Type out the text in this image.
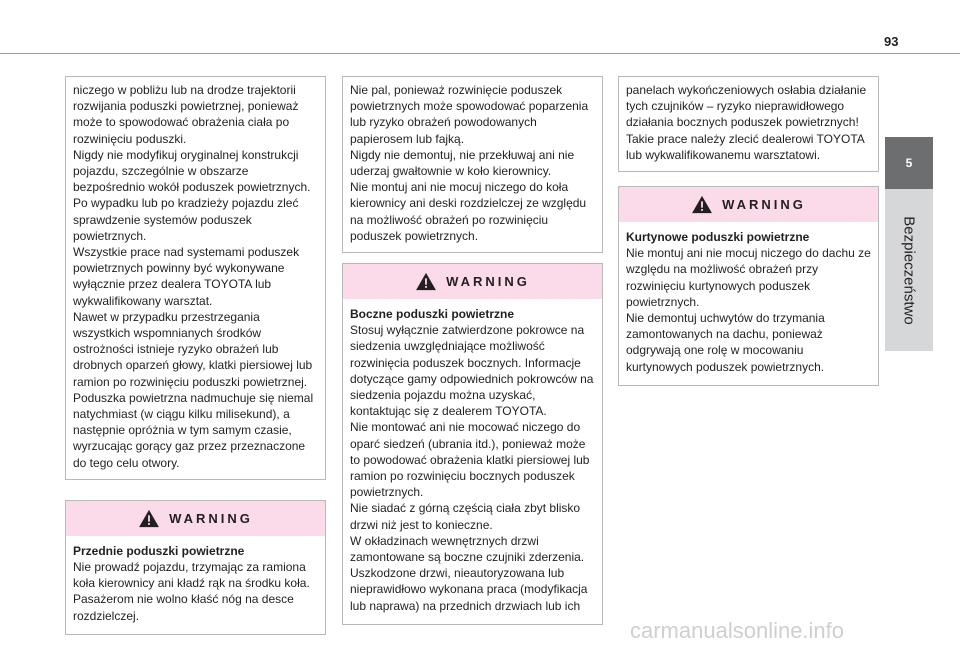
93
5
Bezpieczeństwo

niczego w pobliżu lub na drodze trajektorii rozwijania poduszki powietrznej, ponieważ może to spowodować obrażenia ciała po rozwinięciu poduszki.
Nigdy nie modyfikuj oryginalnej konstrukcji pojazdu, szczególnie w obszarze bezpośrednio wokół poduszek powietrznych.
Po wypadku lub po kradzieży pojazdu zleć sprawdzenie systemów poduszek powietrznych.
Wszystkie prace nad systemami poduszek powietrznych powinny być wykonywane wyłącznie przez dealera TOYOTA lub wykwalifikowany warsztat.
Nawet w przypadku przestrzegania wszystkich wspomnianych środków ostrożności istnieje ryzyko obrażeń lub drobnych oparzeń głowy, klatki piersiowej lub ramion po rozwinięciu poduszki powietrznej.
Poduszka powietrzna nadmuchuje się niemal natychmiast (w ciągu kilku milisekund), a następnie opróżnia w tym samym czasie, wyrzucając gorący gaz przez przeznaczone do tego celu otwory.

WARNING

Przednie poduszki powietrzne

Nie prowadź pojazdu, trzymając za ramiona koła kierownicy ani kładź rąk na środku koła.
Pasażerom nie wolno kłaść nóg na desce rozdzielczej.

Nie pal, ponieważ rozwinięcie poduszek powietrznych może spowodować poparzenia lub ryzyko obrażeń powodowanych papierosem lub fajką.
Nigdy nie demontuj, nie przekłuwaj ani nie uderzaj gwałtownie w koło kierownicy.
Nie montuj ani nie mocuj niczego do koła kierownicy ani deski rozdzielczej ze względu na możliwość obrażeń po rozwinięciu poduszek powietrznych.

WARNING

Boczne poduszki powietrzne

Stosuj wyłącznie zatwierdzone pokrowce na siedzenia uwzględniające możliwość rozwinięcia poduszek bocznych. Informacje dotyczące gamy odpowiednich pokrowców na siedzenia pojazdu można uzyskać, kontaktując się z dealerem TOYOTA.
Nie montować ani nie mocować niczego do oparć siedzeń (ubrania itd.), ponieważ może to powodować obrażenia klatki piersiowej lub ramion po rozwinięciu bocznych poduszek powietrznych.
Nie siadać z górną częścią ciała zbyt blisko drzwi niż jest to konieczne.
W okładzinach wewnętrznych drzwi zamontowane są boczne czujniki zderzenia.
Uszkodzone drzwi, nieautoryzowana lub nieprawidłowo wykonana praca (modyfikacja lub naprawa) na przednich drzwiach lub ich

panelach wykończeniowych osłabia działanie tych czujników – ryzyko nieprawidłowego działania bocznych poduszek powietrznych!
Takie prace należy zlecić dealerowi TOYOTA lub wykwalifikowanemu warsztatowi.

WARNING

Kurtynowe poduszki powietrzne

Nie montuj ani nie mocuj niczego do dachu ze względu na możliwość obrażeń przy rozwinięciu kurtynowych poduszek powietrznych.
Nie demontuj uchwytów do trzymania zamontowanych na dachu, ponieważ odgrywają one rolę w mocowaniu kurtynowych poduszek powietrznych.

carmanualsonline.info
